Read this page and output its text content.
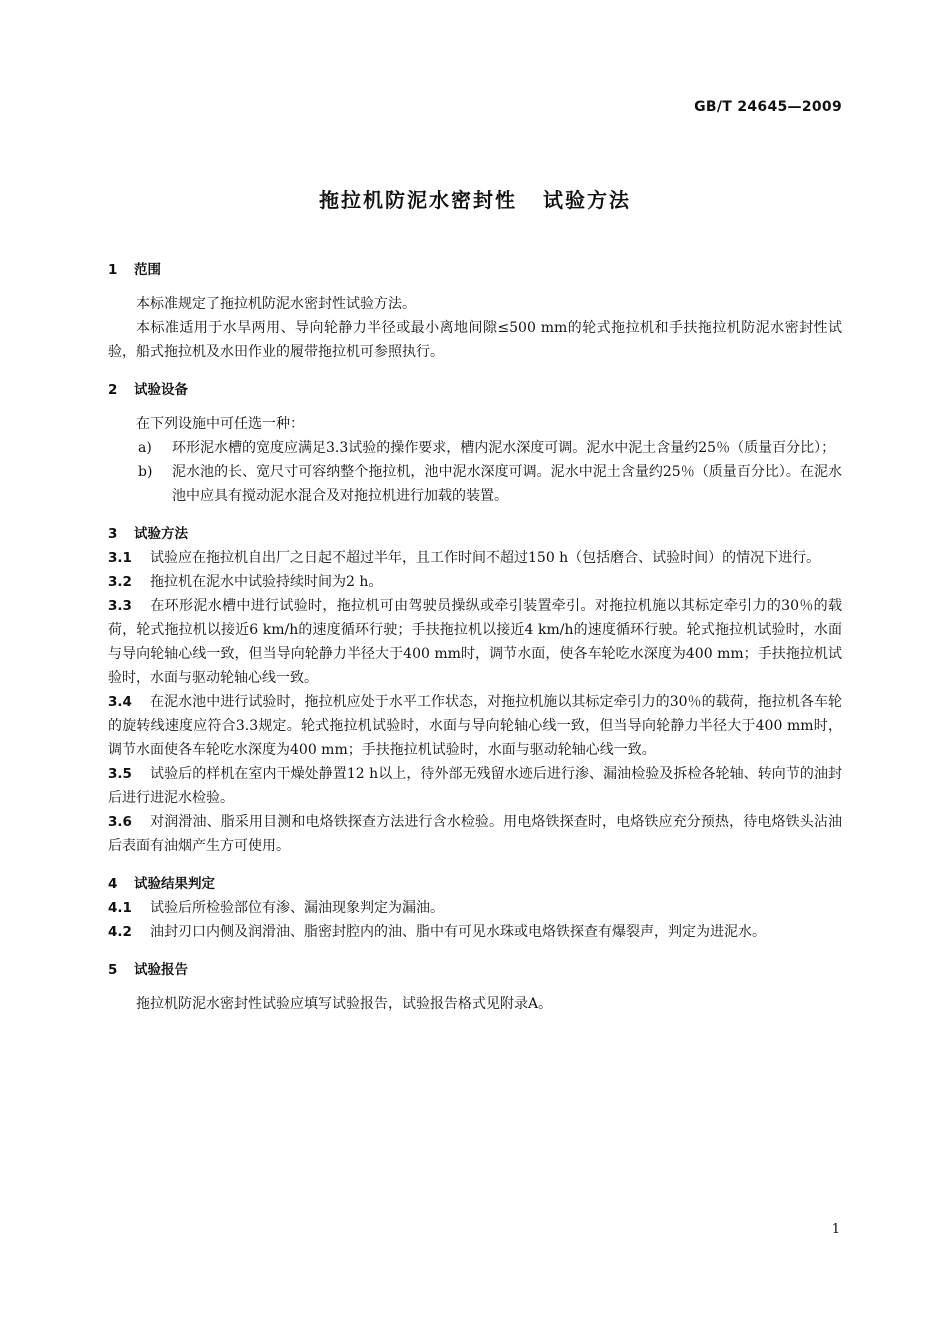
GB/T 24645—2009
拖拉机防泥水密封性 试验方法
1 范围

本标准规定了拖拉机防泥水密封性试验方法。

本标准适用于水旱两用、导向轮静力半径或最小离地间隙≤500 mm的轮式拖拉机和手扶拖拉机防泥水密封性试验，船式拖拉机及水田作业的履带拖拉机可参照执行。

2 试验设备

在下列设施中可任选一种：

a)	环形泥水槽的宽度应满足3.3试验的操作要求，槽内泥水深度可调。泥水中泥土含量约25％（质量百分比）；
b)	泥水池的长、宽尺寸可容纳整个拖拉机，池中泥水深度可调。泥水中泥土含量约25％（质量百分比）。在泥水池中应具有搅动泥水混合及对拖拉机进行加载的装置。
3 试验方法

3.1 试验应在拖拉机自出厂之日起不超过半年，且工作时间不超过150 h（包括磨合、试验时间）的情况下进行。

3.2 拖拉机在泥水中试验持续时间为2 h。

3.3 在环形泥水槽中进行试验时，拖拉机可由驾驶员操纵或牵引装置牵引。对拖拉机施以其标定牵引力的30％的载荷，轮式拖拉机以接近6 km/h的速度循环行驶；手扶拖拉机以接近4 km/h的速度循环行驶。轮式拖拉机试验时，水面与导向轮轴心线一致，但当导向轮静力半径大于400 mm时，调节水面，使各车轮吃水深度为400 mm；手扶拖拉机试验时，水面与驱动轮轴心线一致。

3.4 在泥水池中进行试验时，拖拉机应处于水平工作状态，对拖拉机施以其标定牵引力的30％的载荷，拖拉机各车轮的旋转线速度应符合3.3规定。轮式拖拉机试验时，水面与导向轮轴心线一致，但当导向轮静力半径大于400 mm时，调节水面使各车轮吃水深度为400 mm；手扶拖拉机试验时，水面与驱动轮轴心线一致。

3.5 试验后的样机在室内干燥处静置12 h以上，待外部无残留水迹后进行渗、漏油检验及拆检各轮轴、转向节的油封后进行进泥水检验。

3.6 对润滑油、脂采用目测和电烙铁探查方法进行含水检验。用电烙铁探查时，电烙铁应充分预热，待电烙铁头沾油后表面有油烟产生方可使用。

4 试验结果判定

4.1 试验后所检验部位有渗、漏油现象判定为漏油。

4.2 油封刃口内侧及润滑油、脂密封腔内的油、脂中有可见水珠或电烙铁探查有爆裂声，判定为进泥水。

5 试验报告

拖拉机防泥水密封性试验应填写试验报告，试验报告格式见附录A。

1
